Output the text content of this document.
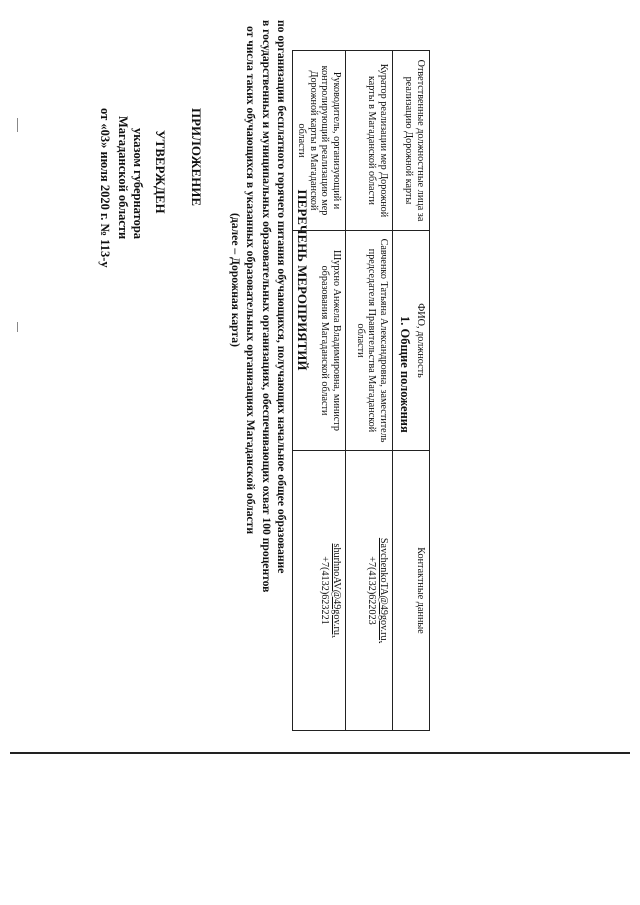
ПРИЛОЖЕНИЕ
УТВЕРЖДЕН
указом губернатора
Магаданской области
от «03» июля 2020 г. № 113-у
ПЕРЕЧЕНЬ МЕРОПРИЯТИЙ
по организации бесплатного горячего питания обучающихся, получающих начальное общее образование
в государственных и муниципальных образовательных организациях, обеспечивающих охват 100 процентов
от числа таких обучающихся в указанных образовательных организациях Магаданской области
(далее – Дорожная карта)
1. Общие положения
Ответственные должностные лица за реализацию Дорожной карты	ФИО, должность	Контактные данные
Куратор реализации мер Дорожной карты в Магаданской области	Савченко Татьяна Александровна, заместитель председателя Правительства Магаданской области	SavchenkoTA@49gov.ru,
+7(4132)622023
Руководитель, организующий и контролирующий реализацию мер Дорожной карты в Магаданской области	Шурхно Анжела Владимировна, министр образования Магаданской области	shurhnoAV@49gov.ru,
+7(4132)623221
